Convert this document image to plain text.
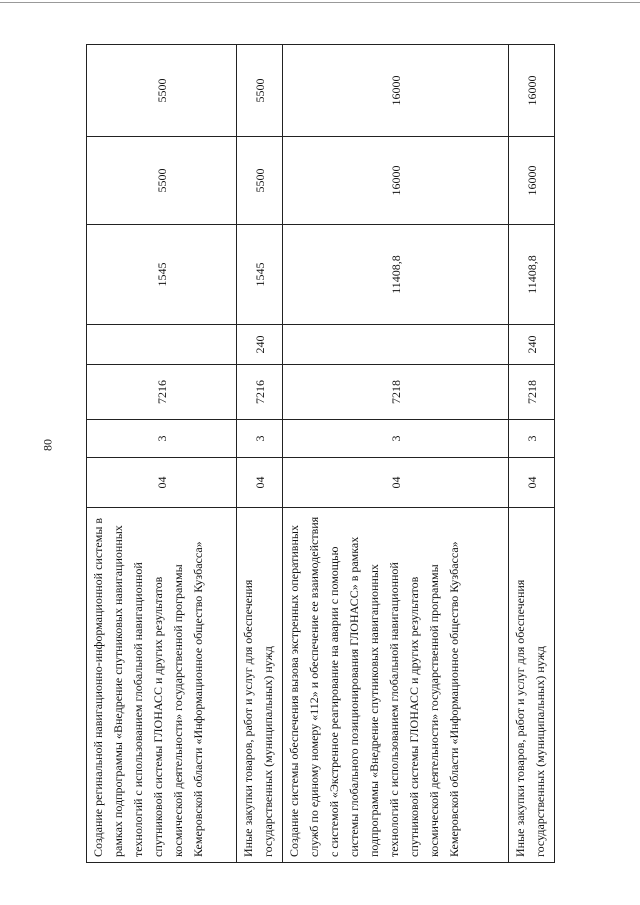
80
Создание регинальной навигационно-информационной системы в рамках подпрограммы «Внедрение спутниковых навигационных технологий с использованием глобальной навигационной спутниковой системы ГЛОНАСС и других результатов космической деятельности» государственной программы Кемеровской области «Информационное общество Кузбасса»	04	3	7216		1545	5500	5500
Иные закупки товаров, работ и услуг для обеспечения государственных (муниципальных) нужд	04	3	7216	240	1545	5500	5500
Создание системы обеспечения вызова экстренных оперативных служб по единому номеру «112» и обеспечение ее взаимодействия с системой «Экстренное реагирование на аварии с помощью системы глобального позиционирования ГЛОНАСС» в рамках подпрограммы «Внедрение спутниковых навигационных технологий с использованием глобальной навигационной спутниковой системы ГЛОНАСС и других результатов космической деятельности» государственной программы Кемеровской области «Информационное общество Кузбасса»	04	3	7218		11408,8	16000	16000
Иные закупки товаров, работ и услуг для обеспечения государственных (муниципальных) нужд	04	3	7218	240	11408,8	16000	16000
